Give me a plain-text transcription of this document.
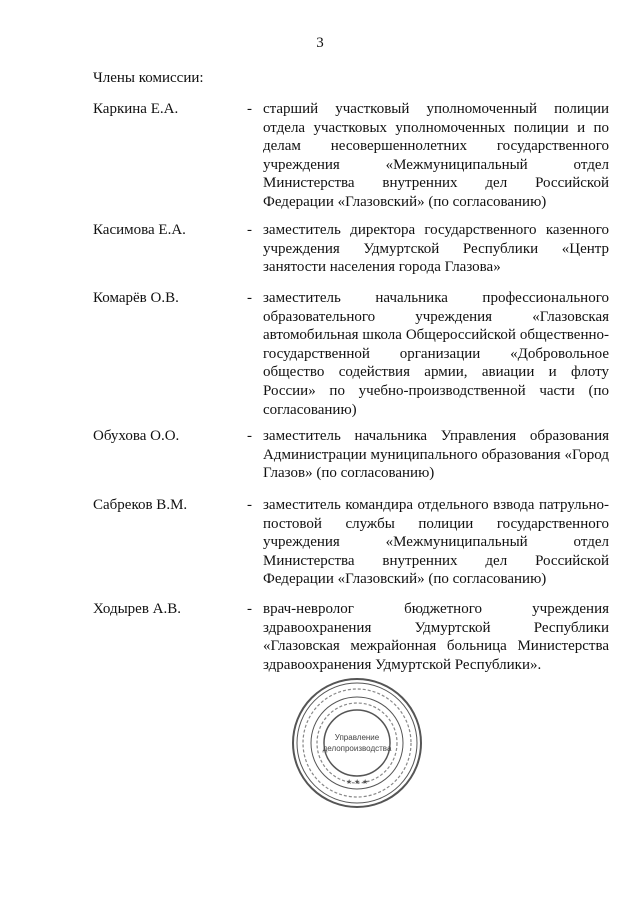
3
Члены комиссии:
Каркина Е.А.	- старший участковый уполномоченный полиции отдела участковых уполномоченных полиции и по делам несовершеннолетних государственного учреждения «Межмуниципальный отдел Министерства внутренних дел Российской Федерации «Глазовский» (по согласованию)
Касимова Е.А.	- заместитель директора государственного казенного учреждения Удмуртской Республики «Центр занятости населения города Глазова»
Комарёв О.В.	- заместитель начальника профессионального образовательного учреждения «Глазовская автомобильная школа Общероссийской общественно-государственной организации «Добровольное общество содействия армии, авиации и флоту России» по учебно-производственной части (по согласованию)
Обухова О.О.	- заместитель начальника Управления образования Администрации муниципального образования «Город Глазов» (по согласованию)
Сабреков В.М.	- заместитель командира отдельного взвода патрульно-постовой службы полиции государственного учреждения «Межмуниципальный отдел Министерства внутренних дел Российской Федерации «Глазовский» (по согласованию)
Ходырев А.В.	- врач-невролог бюджетного учреждения здравоохранения Удмуртской Республики «Глазовская межрайонная больница Министерства здравоохранения Удмуртской Республики».
Управление
делопроизводства
★ ★ ★
